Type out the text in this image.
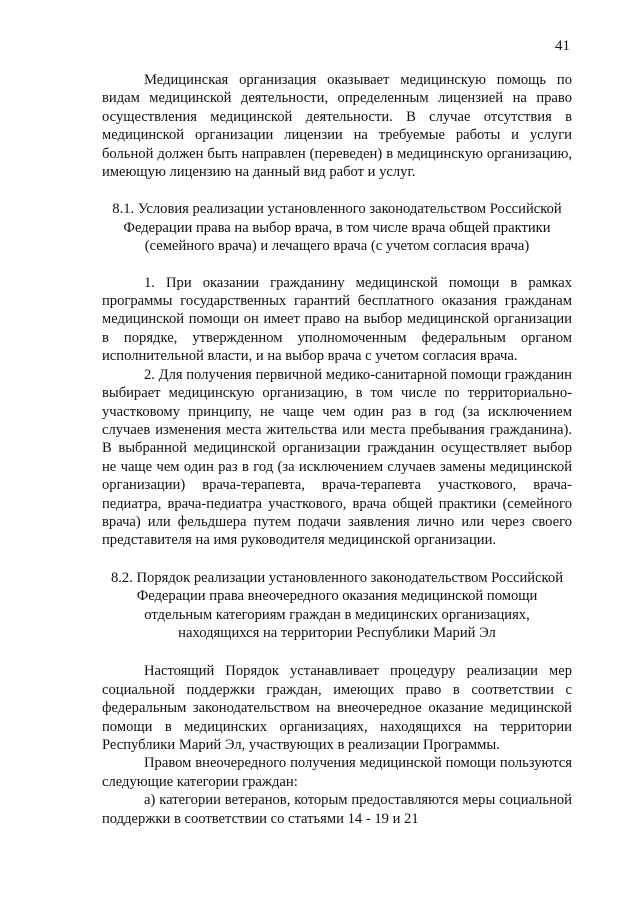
41

Медицинская организация оказывает медицинскую помощь по видам медицинской деятельности, определенным лицензией на право осуществления медицинской деятельности. В случае отсутствия в медицинской организации лицензии на требуемые работы и услуги больной должен быть направлен (переведен) в медицинскую организацию, имеющую лицензию на данный вид работ и услуг.

8.1. Условия реализации установленного законодательством Российской Федерации права на выбор врача, в том числе врача общей практики (семейного врача) и лечащего врача (с учетом согласия врача)

1. При оказании гражданину медицинской помощи в рамках программы государственных гарантий бесплатного оказания гражданам медицинской помощи он имеет право на выбор медицинской организации в порядке, утвержденном уполномоченным федеральным органом исполнительной власти, и на выбор врача с учетом согласия врача.

2. Для получения первичной медико-санитарной помощи гражданин выбирает медицинскую организацию, в том числе по территориально-участковому принципу, не чаще чем один раз в год (за исключением случаев изменения места жительства или места пребывания гражданина). В выбранной медицинской организации гражданин осуществляет выбор не чаще чем один раз в год (за исключением случаев замены медицинской организации) врача-терапевта, врача-терапевта участкового, врача-педиатра, врача-педиатра участкового, врача общей практики (семейного врача) или фельдшера путем подачи заявления лично или через своего представителя на имя руководителя медицинской организации.

8.2. Порядок реализации установленного законодательством Российской Федерации права внеочередного оказания медицинской помощи отдельным категориям граждан в медицинских организациях, находящихся на территории Республики Марий Эл

Настоящий Порядок устанавливает процедуру реализации мер социальной поддержки граждан, имеющих право в соответствии с федеральным законодательством на внеочередное оказание медицинской помощи в медицинских организациях, находящихся на территории Республики Марий Эл, участвующих в реализации Программы.

Правом внеочередного получения медицинской помощи пользуются следующие категории граждан:

а) категории ветеранов, которым предоставляются меры социальной поддержки в соответствии со статьями 14 - 19 и 21
